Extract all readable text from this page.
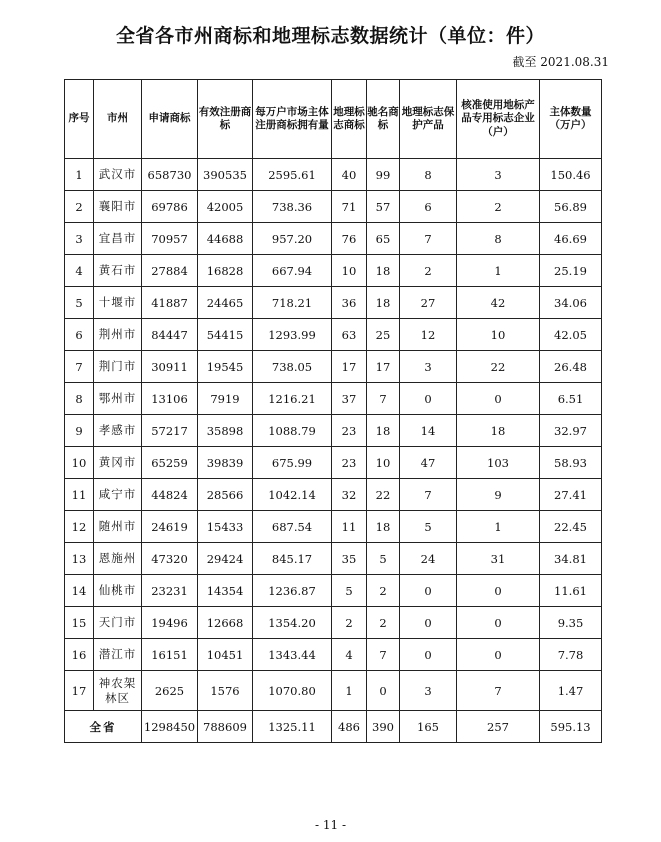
全省各市州商标和地理标志数据统计（单位：件）
截至 2021.08.31
序号	市州	申请商标	有效注册商标	每万户市场主体注册商标拥有量	地理标志商标	驰名商标	地理标志保护产品	核准使用地标产品专用标志企业（户）	主体数量（万户）
1	武汉市	658730	390535	2595.61	40	99	8	3	150.46
2	襄阳市	69786	42005	738.36	71	57	6	2	56.89
3	宜昌市	70957	44688	957.20	76	65	7	8	46.69
4	黄石市	27884	16828	667.94	10	18	2	1	25.19
5	十堰市	41887	24465	718.21	36	18	27	42	34.06
6	荆州市	84447	54415	1293.99	63	25	12	10	42.05
7	荆门市	30911	19545	738.05	17	17	3	22	26.48
8	鄂州市	13106	7919	1216.21	37	7	0	0	6.51
9	孝感市	57217	35898	1088.79	23	18	14	18	32.97
10	黄冈市	65259	39839	675.99	23	10	47	103	58.93
11	咸宁市	44824	28566	1042.14	32	22	7	9	27.41
12	随州市	24619	15433	687.54	11	18	5	1	22.45
13	恩施州	47320	29424	845.17	35	5	24	31	34.81
14	仙桃市	23231	14354	1236.87	5	2	0	0	11.61
15	天门市	19496	12668	1354.20	2	2	0	0	9.35
16	潜江市	16151	10451	1343.44	4	7	0	0	7.78
17	神农架林区	2625	1576	1070.80	1	0	3	7	1.47
全省		1298450	788609	1325.11	486	390	165	257	595.13
- 11 -
